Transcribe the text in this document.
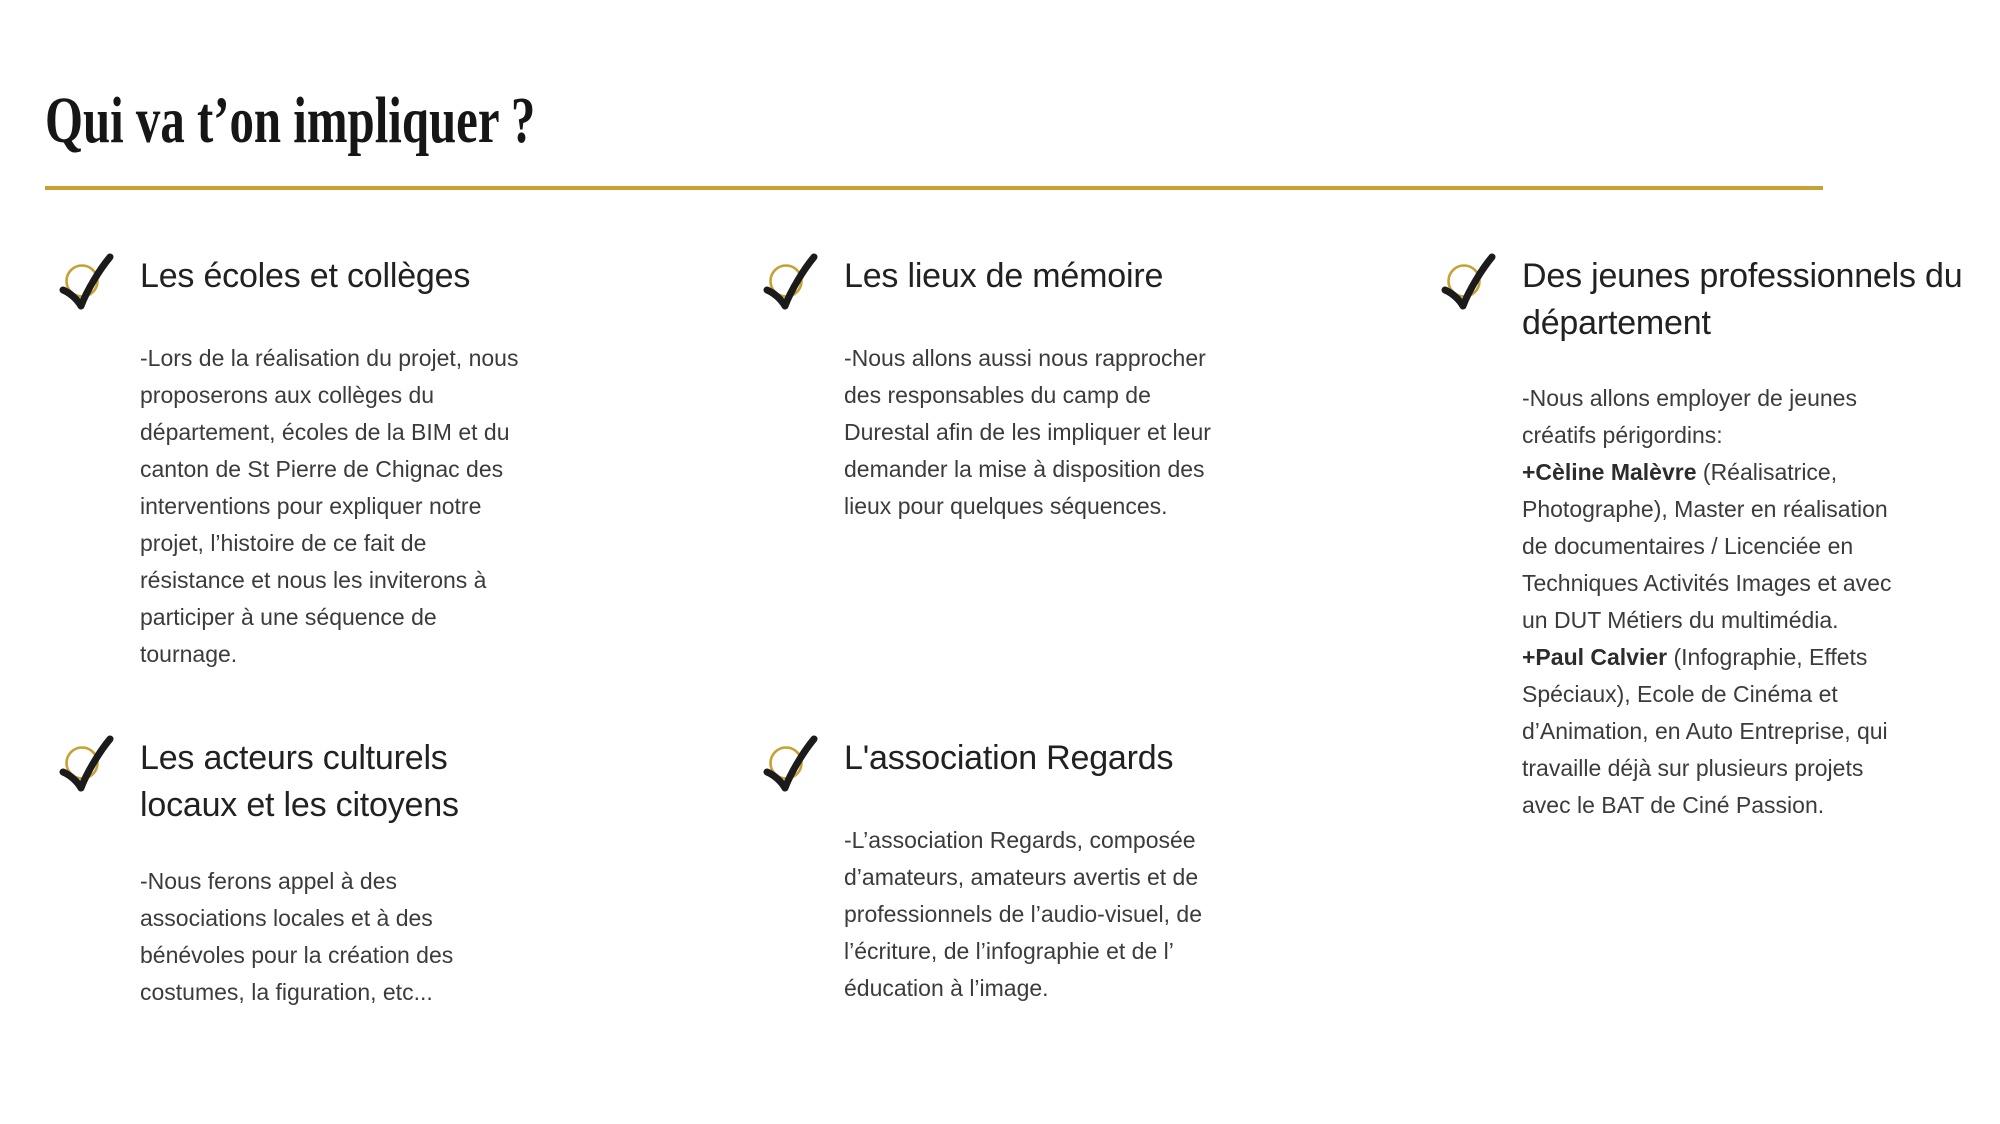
Qui va t’on impliquer ?
Les écoles et collèges

-Lors de la réalisation du projet, nous proposerons aux collèges du département, écoles de la BIM et du canton de St Pierre de Chignac des interventions pour expliquer notre projet, l’histoire de ce fait de résistance et nous les inviterons à participer à une séquence de tournage.

Les lieux de mémoire

-Nous allons aussi nous rapprocher des responsables du camp de Durestal afin de les impliquer et leur demander la mise à disposition des lieux pour quelques séquences.

Des jeunes professionnels du département

-Nous allons employer de jeunes créatifs périgordins:
+Cèline Malèvre (Réalisatrice, Photographe), Master en réalisation de documentaires / Licenciée en Techniques Activités Images et avec un DUT Métiers du multimédia.
+Paul Calvier (Infographie, Effets Spéciaux), Ecole de Cinéma et d’Animation, en Auto Entreprise, qui travaille déjà sur plusieurs projets avec le BAT de Ciné Passion.

Les acteurs culturels locaux et les citoyens

-Nous ferons appel à des associations locales et à des bénévoles pour la création des costumes, la figuration, etc...

L'association Regards

-L’association Regards, composée d’amateurs, amateurs avertis et de professionnels de l’audio-visuel, de l’écriture, de l’infographie et de l’ éducation à l’image.
